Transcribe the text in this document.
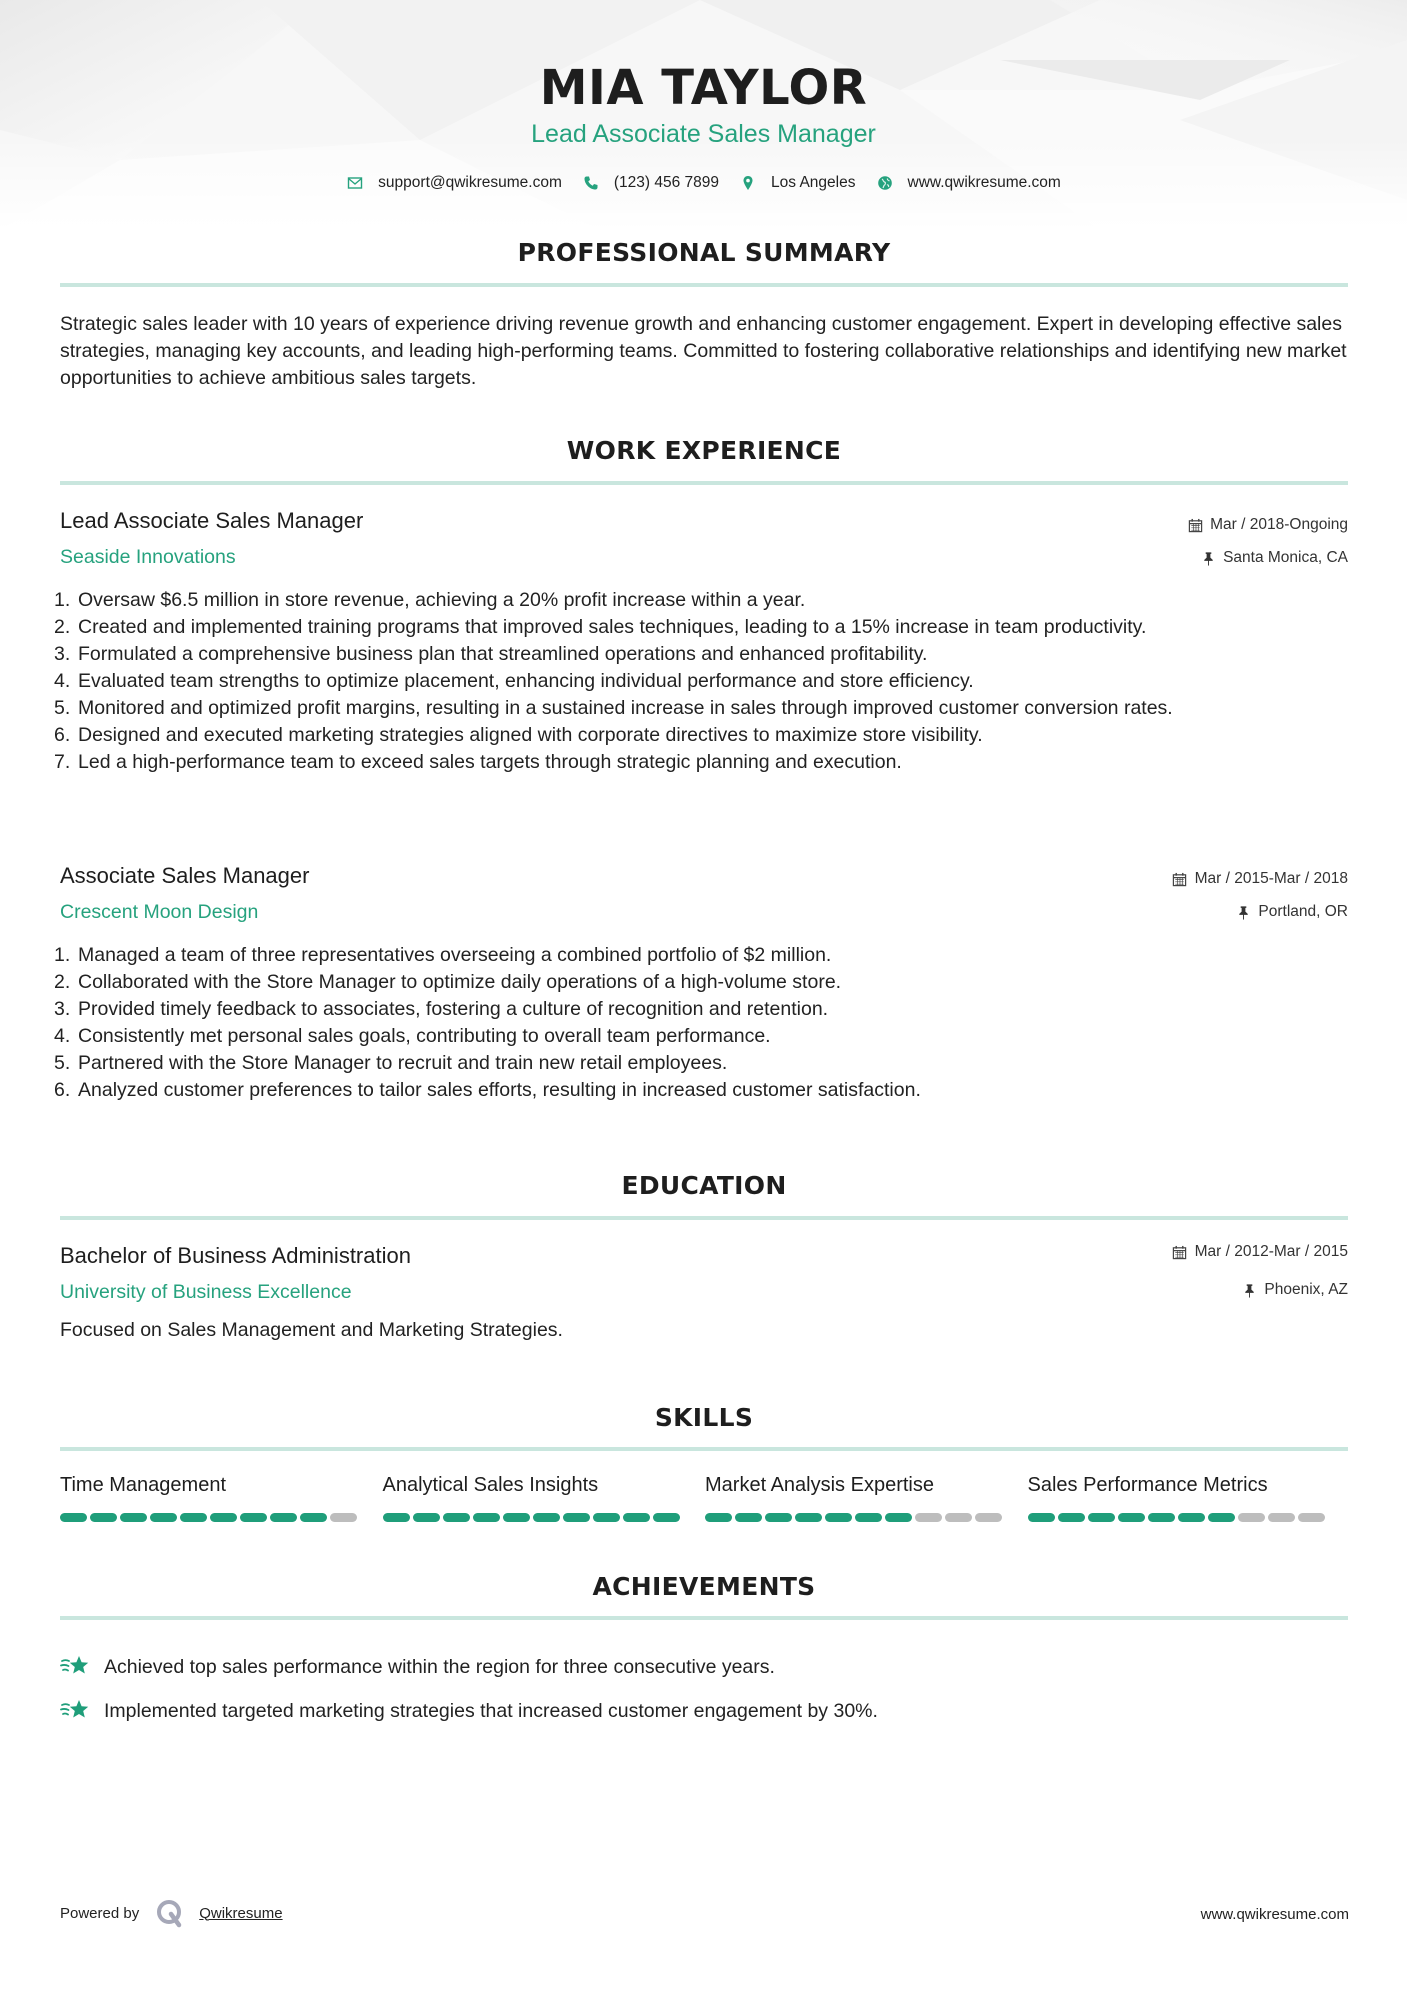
MIA TAYLOR
Lead Associate Sales Manager
support@qwikresume.com	(123) 456 7899	Los Angeles	www.qwikresume.com
PROFESSIONAL SUMMARY
Strategic sales leader with 10 years of experience driving revenue growth and enhancing customer engagement. Expert in developing effective sales strategies, managing key accounts, and leading high-performing teams. Committed to fostering collaborative relationships and identifying new market opportunities to achieve ambitious sales targets.
WORK EXPERIENCE
Lead Associate Sales Manager
Seaside Innovations
Mar / 2018-Ongoing
Santa Monica, CA
Oversaw $6.5 million in store revenue, achieving a 20% profit increase within a year.
Created and implemented training programs that improved sales techniques, leading to a 15% increase in team productivity.
Formulated a comprehensive business plan that streamlined operations and enhanced profitability.
Evaluated team strengths to optimize placement, enhancing individual performance and store efficiency.
Monitored and optimized profit margins, resulting in a sustained increase in sales through improved customer conversion rates.
Designed and executed marketing strategies aligned with corporate directives to maximize store visibility.
Led a high-performance team to exceed sales targets through strategic planning and execution.
Associate Sales Manager
Crescent Moon Design
Mar / 2015-Mar / 2018
Portland, OR
Managed a team of three representatives overseeing a combined portfolio of $2 million.
Collaborated with the Store Manager to optimize daily operations of a high-volume store.
Provided timely feedback to associates, fostering a culture of recognition and retention.
Consistently met personal sales goals, contributing to overall team performance.
Partnered with the Store Manager to recruit and train new retail employees.
Analyzed customer preferences to tailor sales efforts, resulting in increased customer satisfaction.
EDUCATION
Bachelor of Business Administration
University of Business Excellence
Mar / 2012-Mar / 2015
Phoenix, AZ
Focused on Sales Management and Marketing Strategies.
SKILLS
Time Management	Analytical Sales Insights	Market Analysis Expertise	Sales Performance Metrics
ACHIEVEMENTS
Achieved top sales performance within the region for three consecutive years.
Implemented targeted marketing strategies that increased customer engagement by 30%.
Powered by	Qwikresume	www.qwikresume.com
